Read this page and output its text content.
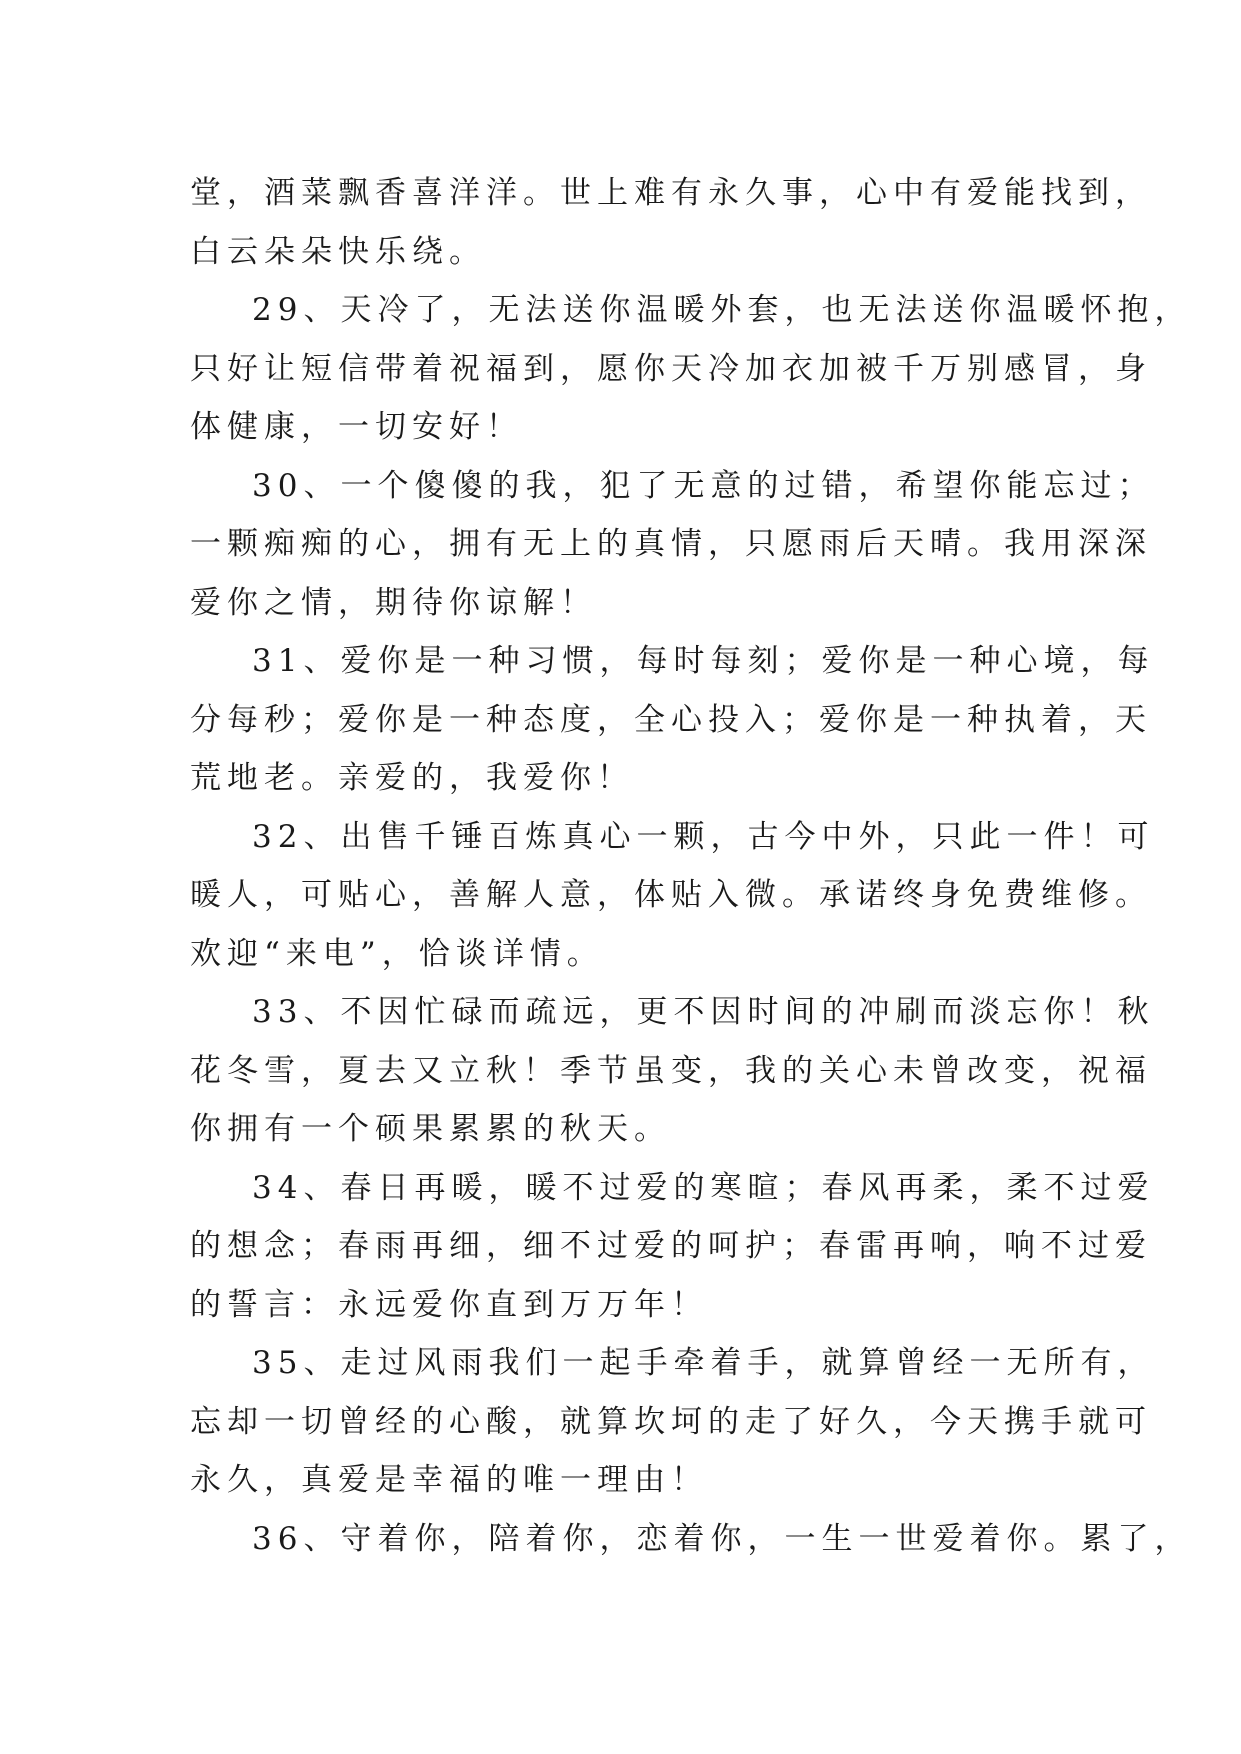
堂，酒菜飘香喜洋洋。世上难有永久事，心中有爱能找到，
白云朵朵快乐绕。

29、天冷了，无法送你温暖外套，也无法送你温暖怀抱，
只好让短信带着祝福到，愿你天冷加衣加被千万别感冒，身
体健康，一切安好！

30、一个傻傻的我，犯了无意的过错，希望你能忘过；
一颗痴痴的心，拥有无上的真情，只愿雨后天晴。我用深深
爱你之情，期待你谅解！

31、爱你是一种习惯，每时每刻；爱你是一种心境，每
分每秒；爱你是一种态度，全心投入；爱你是一种执着，天
荒地老。亲爱的，我爱你！

32、出售千锤百炼真心一颗，古今中外，只此一件！可
暖人，可贴心，善解人意，体贴入微。承诺终身免费维修。
欢迎“来电”，恰谈详情。

33、不因忙碌而疏远，更不因时间的冲刷而淡忘你！秋
花冬雪，夏去又立秋！季节虽变，我的关心未曾改变，祝福
你拥有一个硕果累累的秋天。

34、春日再暖，暖不过爱的寒暄；春风再柔，柔不过爱
的想念；春雨再细，细不过爱的呵护；春雷再响，响不过爱
的誓言：永远爱你直到万万年！

35、走过风雨我们一起手牵着手，就算曾经一无所有，
忘却一切曾经的心酸，就算坎坷的走了好久，今天携手就可
永久，真爱是幸福的唯一理由！

36、守着你，陪着你，恋着你，一生一世爱着你。累了，
